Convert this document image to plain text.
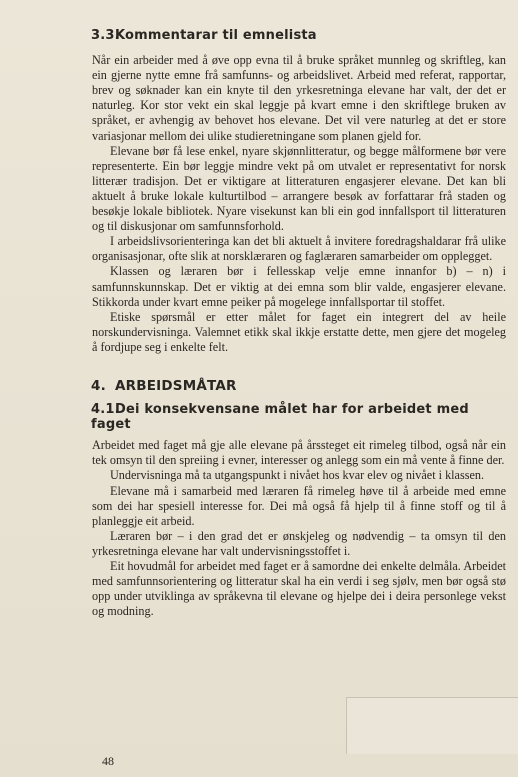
3.3.Kommentarar til emnelista

Når ein arbeider med å øve opp evna til å bruke språket munnleg og skriftleg, kan ein gjerne nytte emne frå samfunns- og arbeidslivet. Arbeid med referat, rapportar, brev og søknader kan ein knyte til den yrkesretninga elevane har valt, der det er naturleg. Kor stor vekt ein skal leggje på kvart emne i den skriftlege bruken av språket, er avhengig av behovet hos elevane. Det vil vere naturleg at det er store variasjonar mellom dei ulike studieretningane som planen gjeld for.

Elevane bør få lese enkel, nyare skjønnlitteratur, og begge målformene bør vere representerte. Ein bør leggje mindre vekt på om utvalet er representativt for norsk litterær tradisjon. Det er viktigare at litteraturen engasjerer elevane. Det kan bli aktuelt å bruke lokale kulturtilbod – arrangere besøk av forfattarar frå staden og besøkje lokale bibliotek. Nyare visekunst kan bli ein god innfallsport til litteraturen og til diskusjonar om samfunnsforhold.

I arbeidslivsorienteringa kan det bli aktuelt å invitere foredragshaldarar frå ulike organisasjonar, ofte slik at norsklæraren og faglæraren samarbeider om opplegget.

Klassen og læraren bør i fellesskap velje emne innanfor b) – n) i samfunnskunnskap. Det er viktig at dei emna som blir valde, engasjerer elevane. Stikkorda under kvart emne peiker på mogelege innfallsportar til stoffet.

Etiske spørsmål er etter målet for faget ein integrert del av heile norskundervisninga. Valemnet etikk skal ikkje erstatte dette, men gjere det mogeleg å fordjupe seg i enkelte felt.

4. ARBEIDSMÅTAR
4.1.Dei konsekvensane målet har for arbeidet med faget

Arbeidet med faget må gje alle elevane på årssteget eit rimeleg tilbod, også når ein tek omsyn til den spreiing i evner, interesser og anlegg som ein må vente å finne der.

Undervisninga må ta utgangspunkt i nivået hos kvar elev og nivået i klassen.

Elevane må i samarbeid med læraren få rimeleg høve til å arbeide med emne som dei har spesiell interesse for. Dei må også få hjelp til å finne stoff og til å planleggje eit arbeid.

Læraren bør – i den grad det er ønskjeleg og nødvendig – ta omsyn til den yrkesretninga elevane har valt undervisningsstoffet i.

Eit hovudmål for arbeidet med faget er å samordne dei enkelte delmåla. Arbeidet med samfunnsorientering og litteratur skal ha ein verdi i seg sjølv, men bør også stø opp under utviklinga av språkevna til elevane og hjelpe dei i deira personlege vekst og modning.

48
